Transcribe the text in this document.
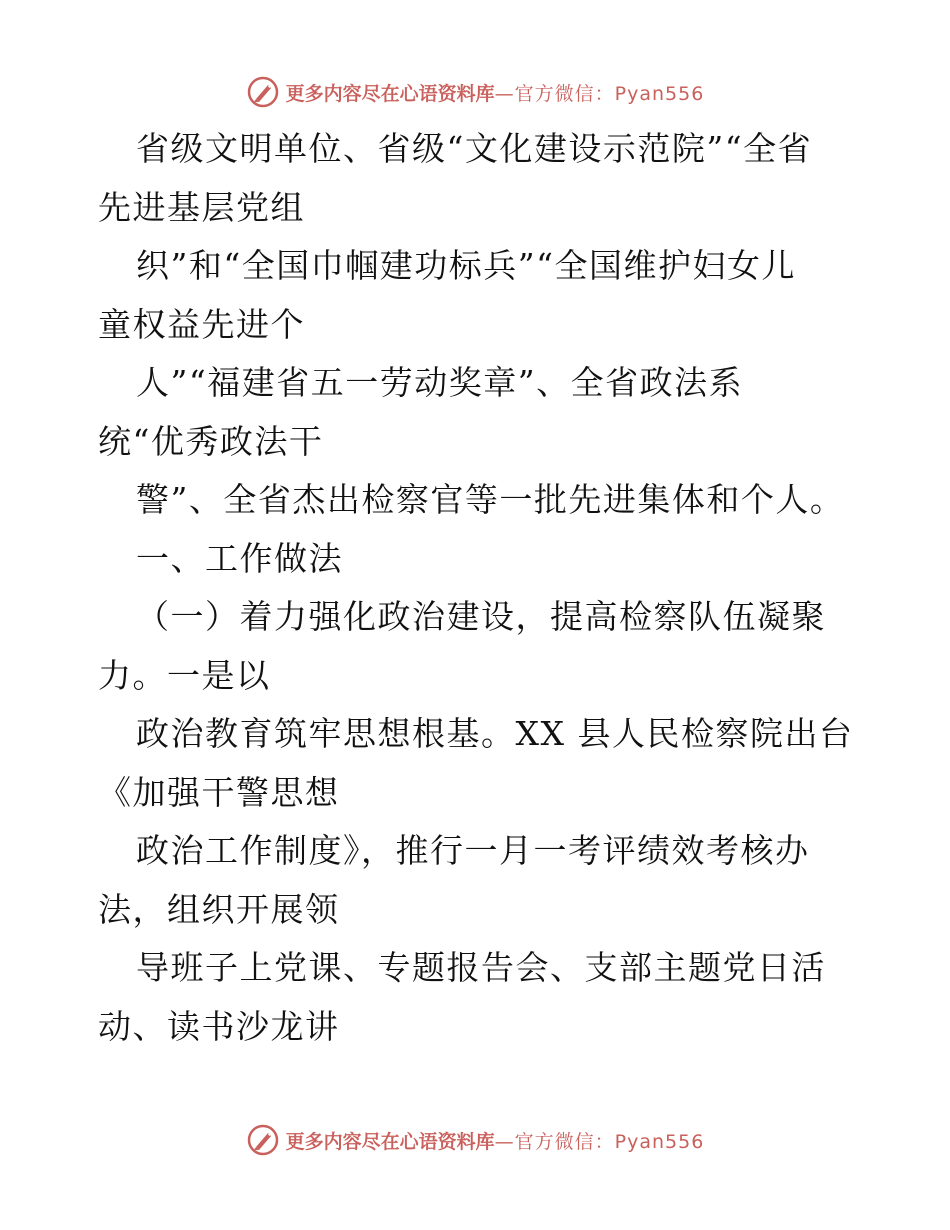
更多内容尽在心语资料库 —官方微信：Pyan556
省级文明单位、省级“文化建设示范院”“全省
先进基层党组
织”和“全国巾帼建功标兵”“全国维护妇女儿
童权益先进个
人”“福建省五一劳动奖章”、全省政法系
统“优秀政法干
警”、全省杰出检察官等一批先进集体和个人。
一、工作做法
（一）着力强化政治建设，提高检察队伍凝聚
力。一是以
政治教育筑牢思想根基。XX 县人民检察院出台
《加强干警思想
政治工作制度》，推行一月一考评绩效考核办
法，组织开展领
导班子上党课、专题报告会、支部主题党日活
动、读书沙龙讲
更多内容尽在心语资料库 —官方微信：Pyan556
